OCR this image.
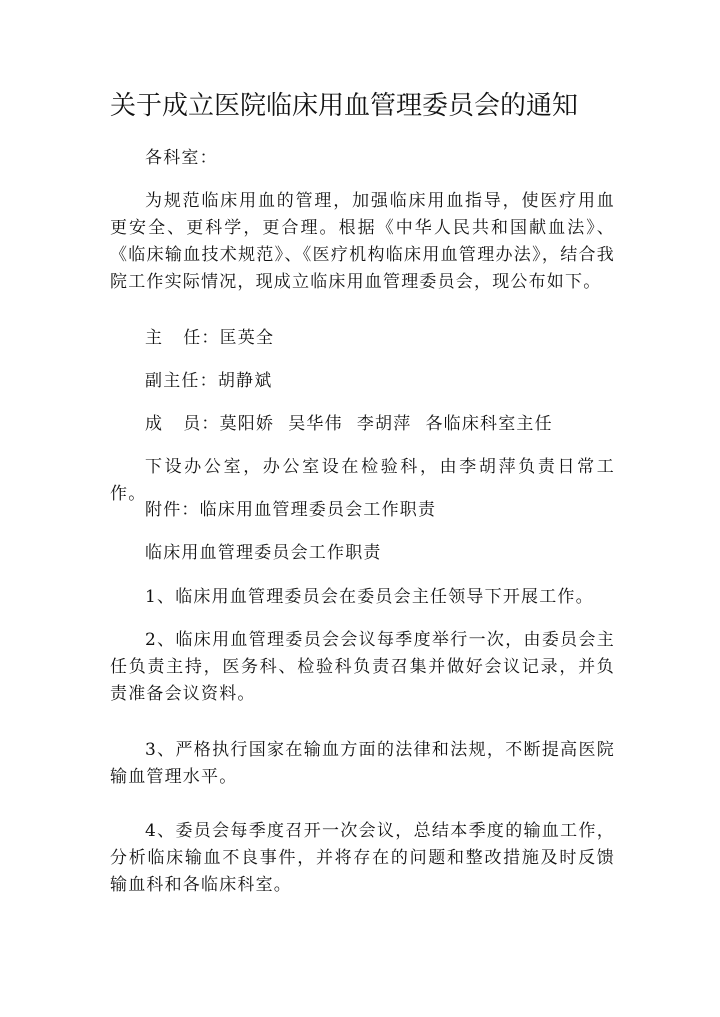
关于成立医院临床用血管理委员会的通知
各科室：
为规范临床用血的管理，加强临床用血指导，使医疗用血更安全、更科学，更合理。根据《中华人民共和国献血法》、《临床输血技术规范》、《医疗机构临床用血管理办法》，结合我院工作实际情况，现成立临床用血管理委员会，现公布如下。
主 任：匡英全
副主任：胡静斌
成 员：莫阳娇 吴华伟 李胡萍 各临床科室主任
下设办公室，办公室设在检验科，由李胡萍负责日常工作。
附件：临床用血管理委员会工作职责
临床用血管理委员会工作职责
1、临床用血管理委员会在委员会主任领导下开展工作。
2、临床用血管理委员会会议每季度举行一次，由委员会主任负责主持，医务科、检验科负责召集并做好会议记录，并负责准备会议资料。
3、严格执行国家在输血方面的法律和法规，不断提高医院输血管理水平。
4、委员会每季度召开一次会议，总结本季度的输血工作，分析临床输血不良事件，并将存在的问题和整改措施及时反馈输血科和各临床科室。
